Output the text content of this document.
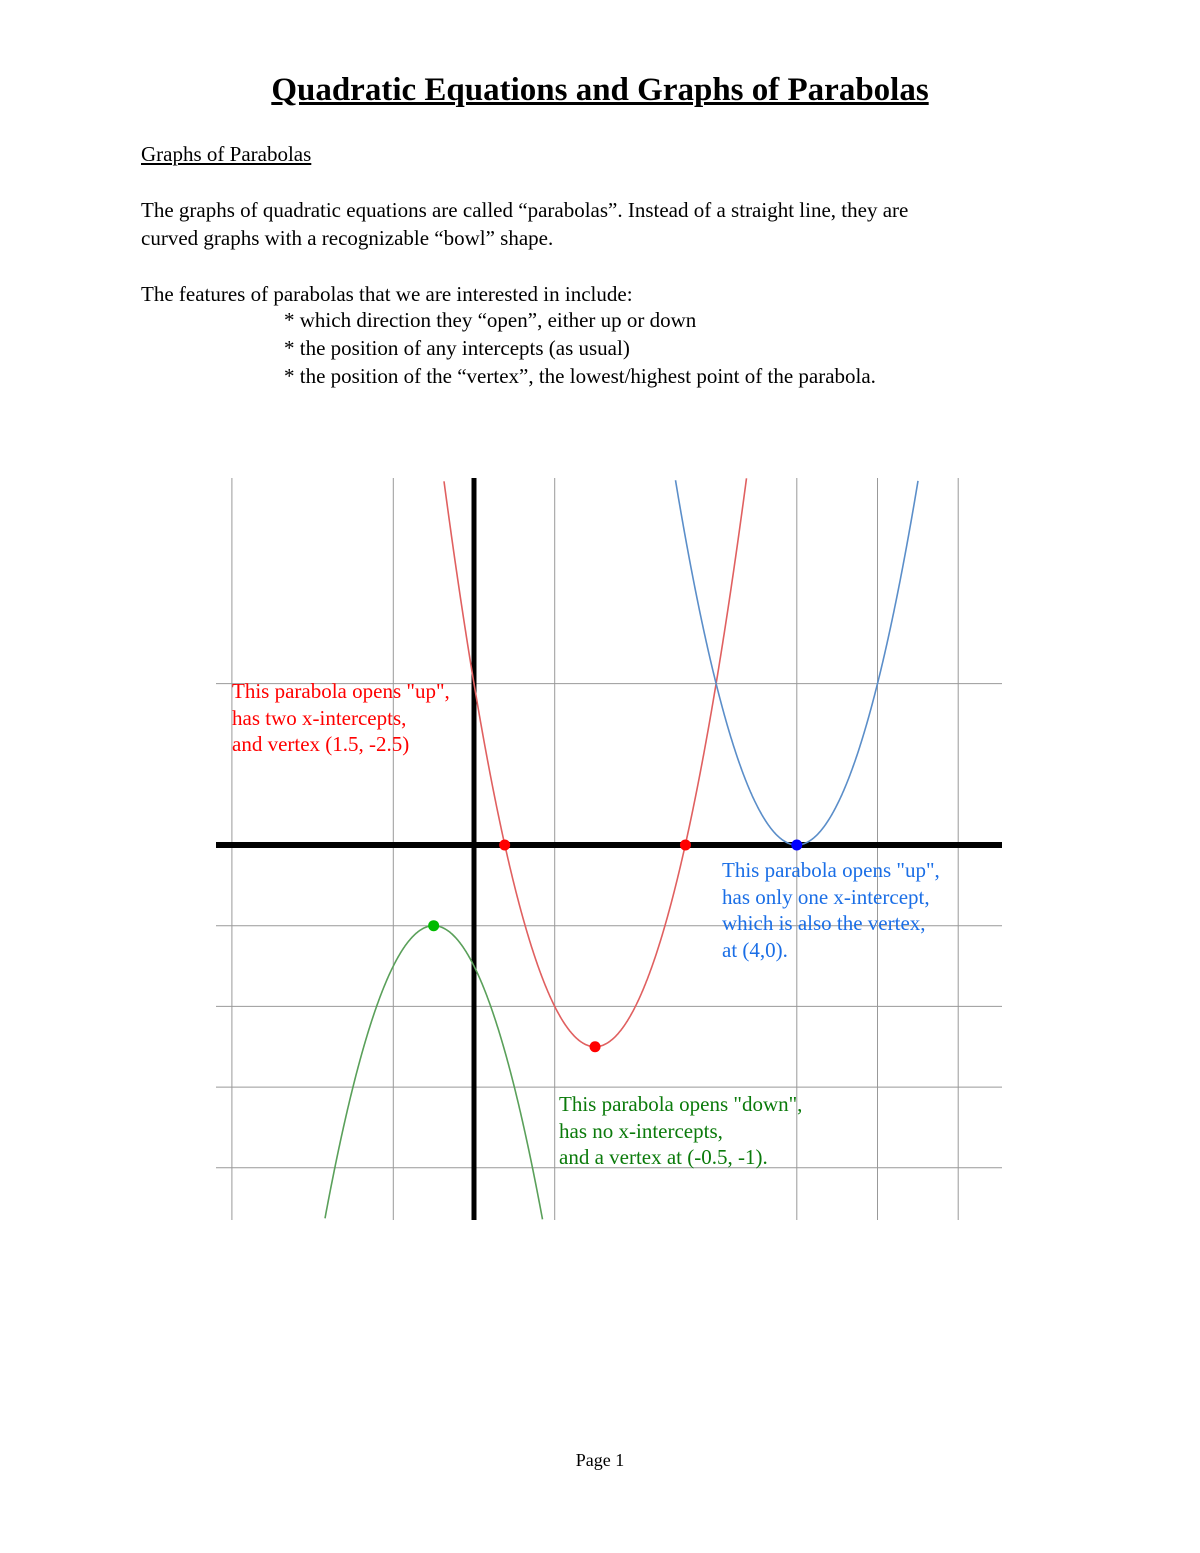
Quadratic Equations and Graphs of Parabolas
Graphs of Parabolas
The graphs of quadratic equations are called “parabolas”. Instead of a straight line, they are
curved graphs with a recognizable “bowl” shape.
The features of parabolas that we are interested in include:
* which direction they “open”, either up or down
* the position of any intercepts (as usual)
* the position of the “vertex”, the lowest/highest point of the parabola.
This parabola opens "up",
has two x-intercepts,
and vertex (1.5, -2.5)
This parabola opens "up",
has only one x-intercept,
which is also the vertex,
at (4,0).
This parabola opens "down",
has no x-intercepts,
and a vertex at (-0.5, -1).
Page 1
